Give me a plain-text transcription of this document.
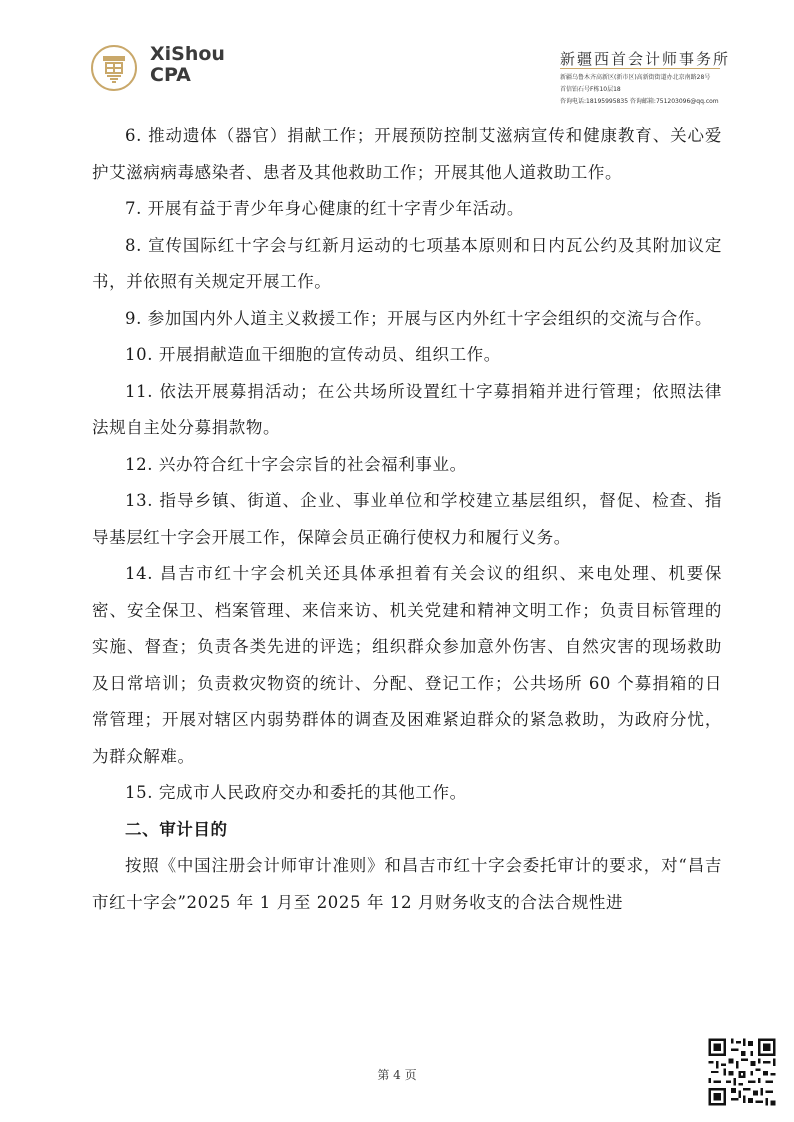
XiShou
CPA
新疆西首会计师事务所
新疆乌鲁木齐高新区(新市区)高新街街道办北京南路28号
首信铂石号F栋10层18
咨询电话:18195995835 咨询邮箱:751203096@qq.com

6. 推动遗体（器官）捐献工作；开展预防控制艾滋病宣传和健康教育、关心爱护艾滋病病毒感染者、患者及其他救助工作；开展其他人道救助工作。

7. 开展有益于青少年身心健康的红十字青少年活动。

8. 宣传国际红十字会与红新月运动的七项基本原则和日内瓦公约及其附加议定书，并依照有关规定开展工作。

9. 参加国内外人道主义救援工作；开展与区内外红十字会组织的交流与合作。

10. 开展捐献造血干细胞的宣传动员、组织工作。

11. 依法开展募捐活动；在公共场所设置红十字募捐箱并进行管理；依照法律法规自主处分募捐款物。

12. 兴办符合红十字会宗旨的社会福利事业。

13. 指导乡镇、街道、企业、事业单位和学校建立基层组织，督促、检查、指导基层红十字会开展工作，保障会员正确行使权力和履行义务。

14. 昌吉市红十字会机关还具体承担着有关会议的组织、来电处理、机要保密、安全保卫、档案管理、来信来访、机关党建和精神文明工作；负责目标管理的实施、督查；负责各类先进的评选；组织群众参加意外伤害、自然灾害的现场救助及日常培训；负责救灾物资的统计、分配、登记工作；公共场所 60 个募捐箱的日常管理；开展对辖区内弱势群体的调查及困难紧迫群众的紧急救助，为政府分忧，为群众解难。

15. 完成市人民政府交办和委托的其他工作。

二、审计目的

按照《中国注册会计师审计准则》和昌吉市红十字会委托审计的要求，对“昌吉市红十字会”2025 年 1 月至 2025 年 12 月财务收支的合法合规性进

第 4 页
